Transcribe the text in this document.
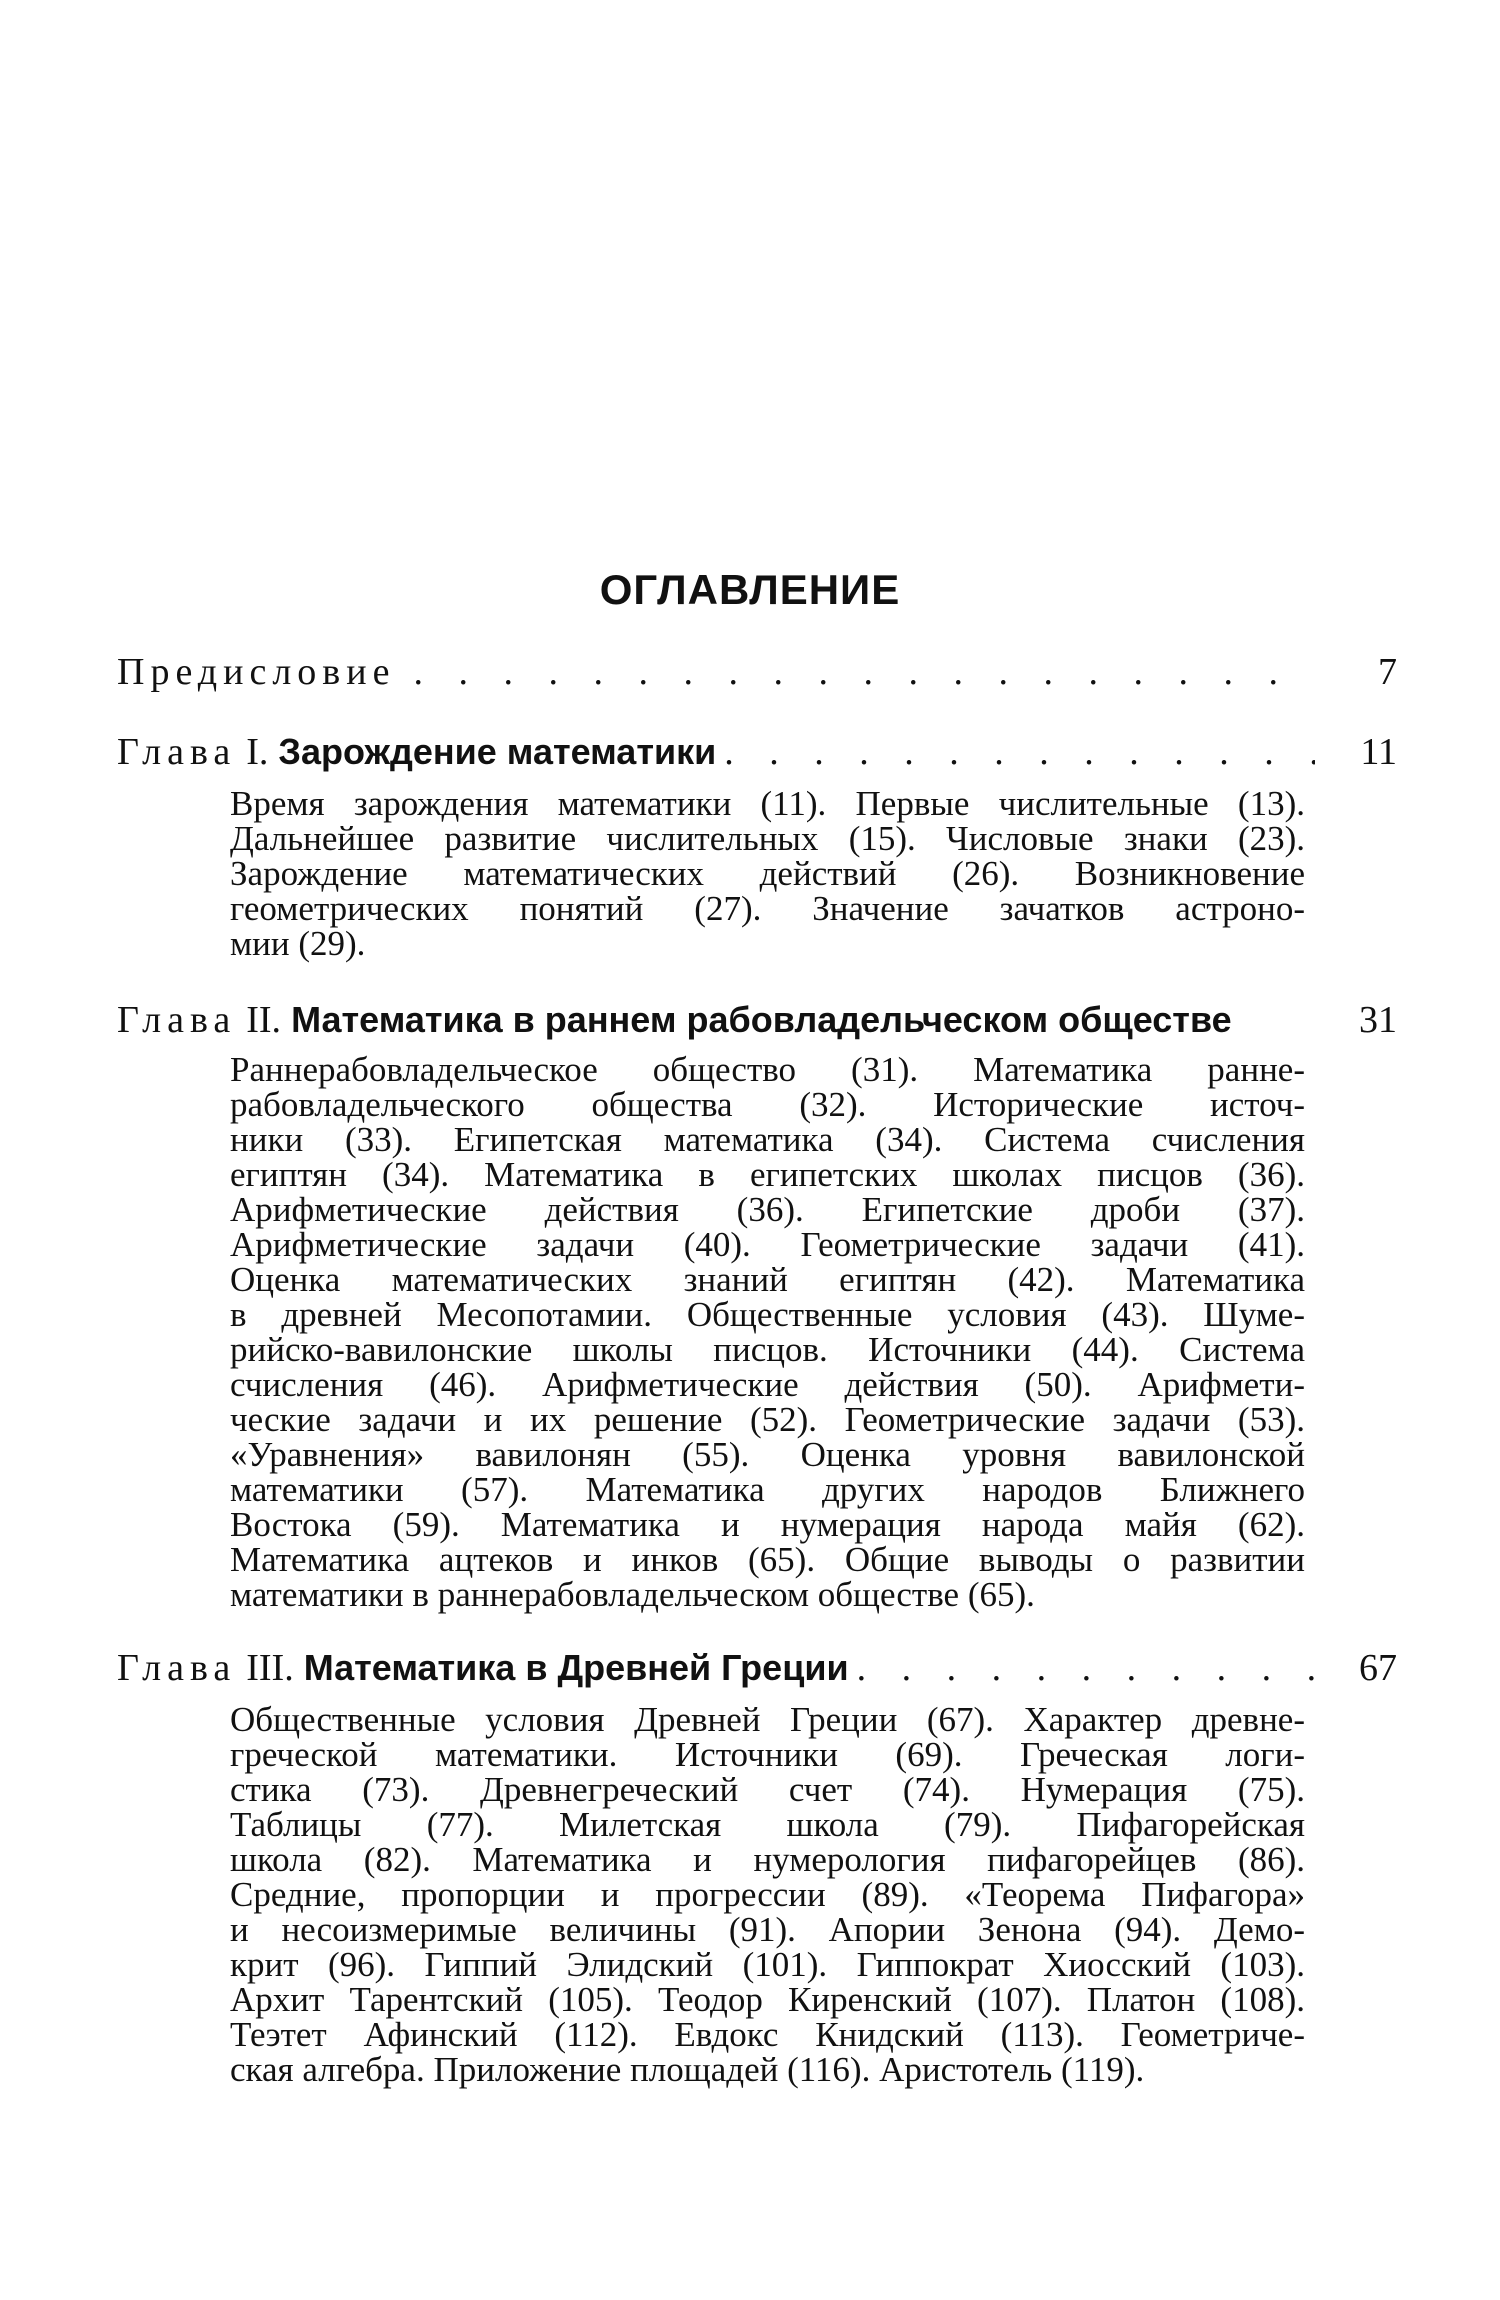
ОГЛАВЛЕНИЕ
Предисловие . . .	7
Глава I. Зарождение математики . . .	11
Время зарождения математики (11). Первые числительные (13).
Дальнейшее развитие числительных (15). Числовые знаки (23).
Зарождение математических действий (26). Возникновение
геометрических понятий (27). Значение зачатков астроно-
мии (29).
Глава II. Математика в раннем рабовладельческом обществе	31
Раннерабовладельческое общество (31). Математика ранне-
рабовладельческого общества (32). Исторические источ-
ники (33). Египетская математика (34). Система счисления
египтян (34). Математика в египетских школах писцов (36).
Арифметические действия (36). Египетские дроби (37).
Арифметические задачи (40). Геометрические задачи (41).
Оценка математических знаний египтян (42). Математика
в древней Месопотамии. Общественные условия (43). Шуме-
рийско-вавилонские школы писцов. Источники (44). Система
счисления (46). Арифметические действия (50). Арифмети-
ческие задачи и их решение (52). Геометрические задачи (53).
«Уравнения» вавилонян (55). Оценка уровня вавилонской
математики (57). Математика других народов Ближнего
Востока (59). Математика и нумерация народа майя (62).
Математика ацтеков и инков (65). Общие выводы о развитии
математики в раннерабовладельческом обществе (65).
Глава III. Математика в Древней Греции . . .	67
Общественные условия Древней Греции (67). Характер древне-
греческой математики. Источники (69). Греческая логи-
стика (73). Древнегреческий счет (74). Нумерация (75).
Таблицы (77). Милетская школа (79). Пифагорейская
школа (82). Математика и нумерология пифагорейцев (86).
Средние, пропорции и прогрессии (89). «Теорема Пифагора»
и несоизмеримые величины (91). Апории Зенона (94). Демо-
крит (96). Гиппий Элидский (101). Гиппократ Хиосский (103).
Архит Тарентский (105). Теодор Киренский (107). Платон (108).
Теэтет Афинский (112). Евдокс Книдский (113). Геометриче-
ская алгебра. Приложение площадей (116). Аристотель (119).
